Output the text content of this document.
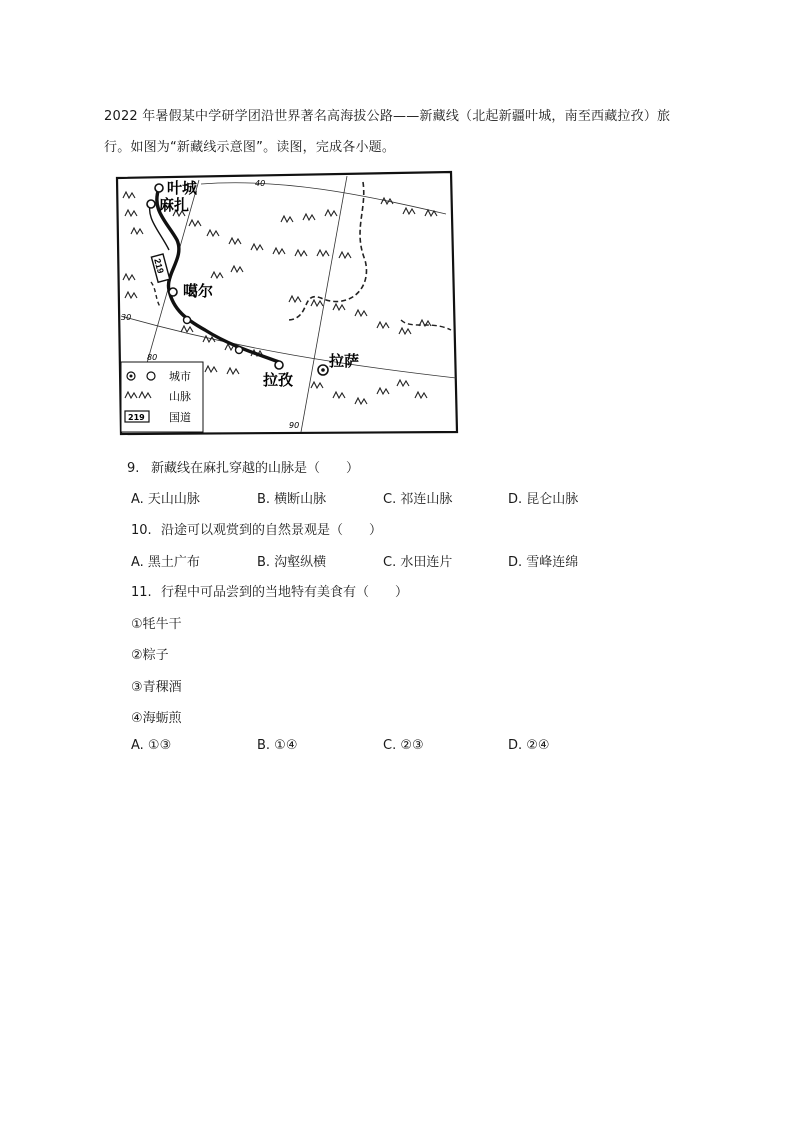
2022 年暑假某中学研学团沿世界著名高海拔公路——新藏线（北起新疆叶城，南至西藏拉孜）旅
行。如图为“新藏线示意图”。读图，完成各小题。
219
叶城
麻扎
噶尔
拉孜
拉萨
40
30
80
90
城市
山脉
219 国道
9. 新藏线在麻扎穿越的山脉是（　　）
A. 天山山脉	B. 横断山脉	C. 祁连山脉	D. 昆仑山脉
10. 沿途可以观赏到的自然景观是（　　）
A. 黑土广布	B. 沟壑纵横	C. 水田连片	D. 雪峰连绵
11. 行程中可品尝到的当地特有美食有（　　）
①牦牛干
②粽子
③青稞酒
④海蛎煎
A. ①③	B. ①④	C. ②③	D. ②④
